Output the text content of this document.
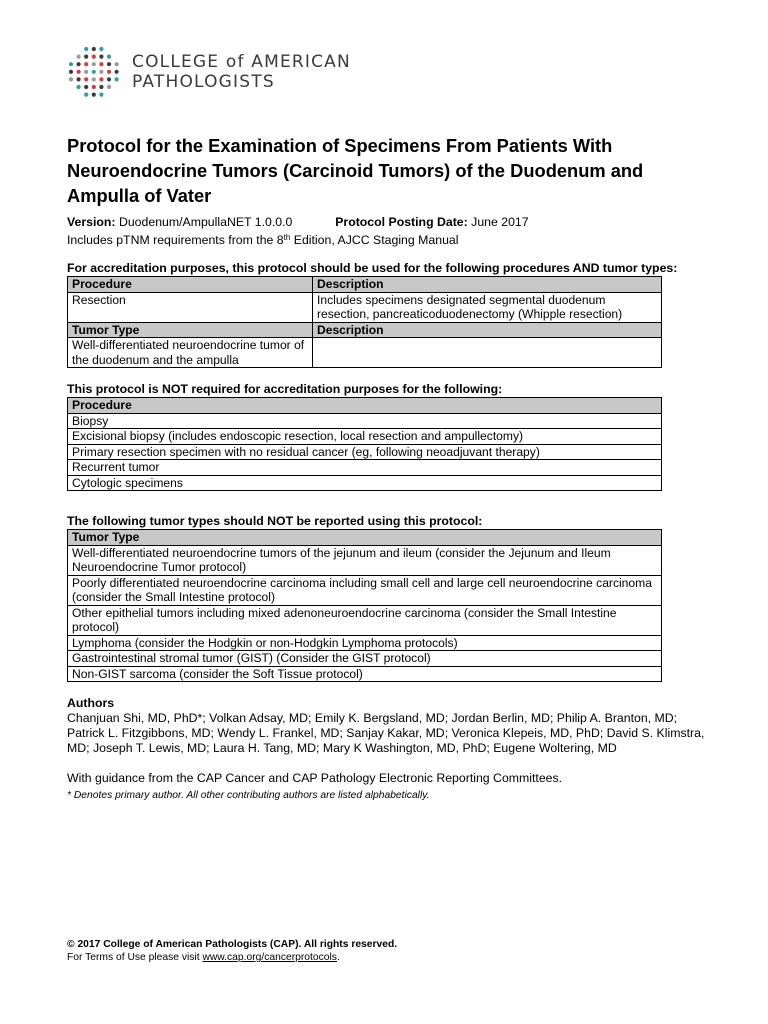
COLLEGE of AMERICAN
PATHOLOGISTS
Protocol for the Examination of Specimens From Patients With Neuroendocrine Tumors (Carcinoid Tumors) of the Duodenum and Ampulla of Vater
Version: Duodenum/AmpullaNET 1.0.0.0	Protocol Posting Date: June 2017
Includes pTNM requirements from the 8th Edition, AJCC Staging Manual

For accreditation purposes, this protocol should be used for the following procedures AND tumor types:

Procedure	Description
Resection	Includes specimens designated segmental duodenum resection, pancreaticoduodenectomy (Whipple resection)
Tumor Type	Description
Well-differentiated neuroendocrine tumor of the duodenum and the ampulla	

This protocol is NOT required for accreditation purposes for the following:

Procedure
Biopsy
Excisional biopsy (includes endoscopic resection, local resection and ampullectomy)
Primary resection specimen with no residual cancer (eg, following neoadjuvant therapy)
Recurrent tumor
Cytologic specimens

The following tumor types should NOT be reported using this protocol:

Tumor Type
Well-differentiated neuroendocrine tumors of the jejunum and ileum (consider the Jejunum and Ileum Neuroendocrine Tumor protocol)
Poorly differentiated neuroendocrine carcinoma including small cell and large cell neuroendocrine carcinoma (consider the Small Intestine protocol)
Other epithelial tumors including mixed adenoneuroendocrine carcinoma (consider the Small Intestine protocol)
Lymphoma (consider the Hodgkin or non-Hodgkin Lymphoma protocols)
Gastrointestinal stromal tumor (GIST) (Consider the GIST protocol)
Non-GIST sarcoma (consider the Soft Tissue protocol)

Authors

Chanjuan Shi, MD, PhD*; Volkan Adsay, MD; Emily K. Bergsland, MD; Jordan Berlin, MD; Philip A. Branton, MD; Patrick L. Fitzgibbons, MD; Wendy L. Frankel, MD; Sanjay Kakar, MD; Veronica Klepeis, MD, PhD; David S. Klimstra, MD; Joseph T. Lewis, MD; Laura H. Tang, MD; Mary K Washington, MD, PhD; Eugene Woltering, MD

With guidance from the CAP Cancer and CAP Pathology Electronic Reporting Committees.

* Denotes primary author. All other contributing authors are listed alphabetically.

© 2017 College of American Pathologists (CAP). All rights reserved.

For Terms of Use please visit www.cap.org/cancerprotocols.
